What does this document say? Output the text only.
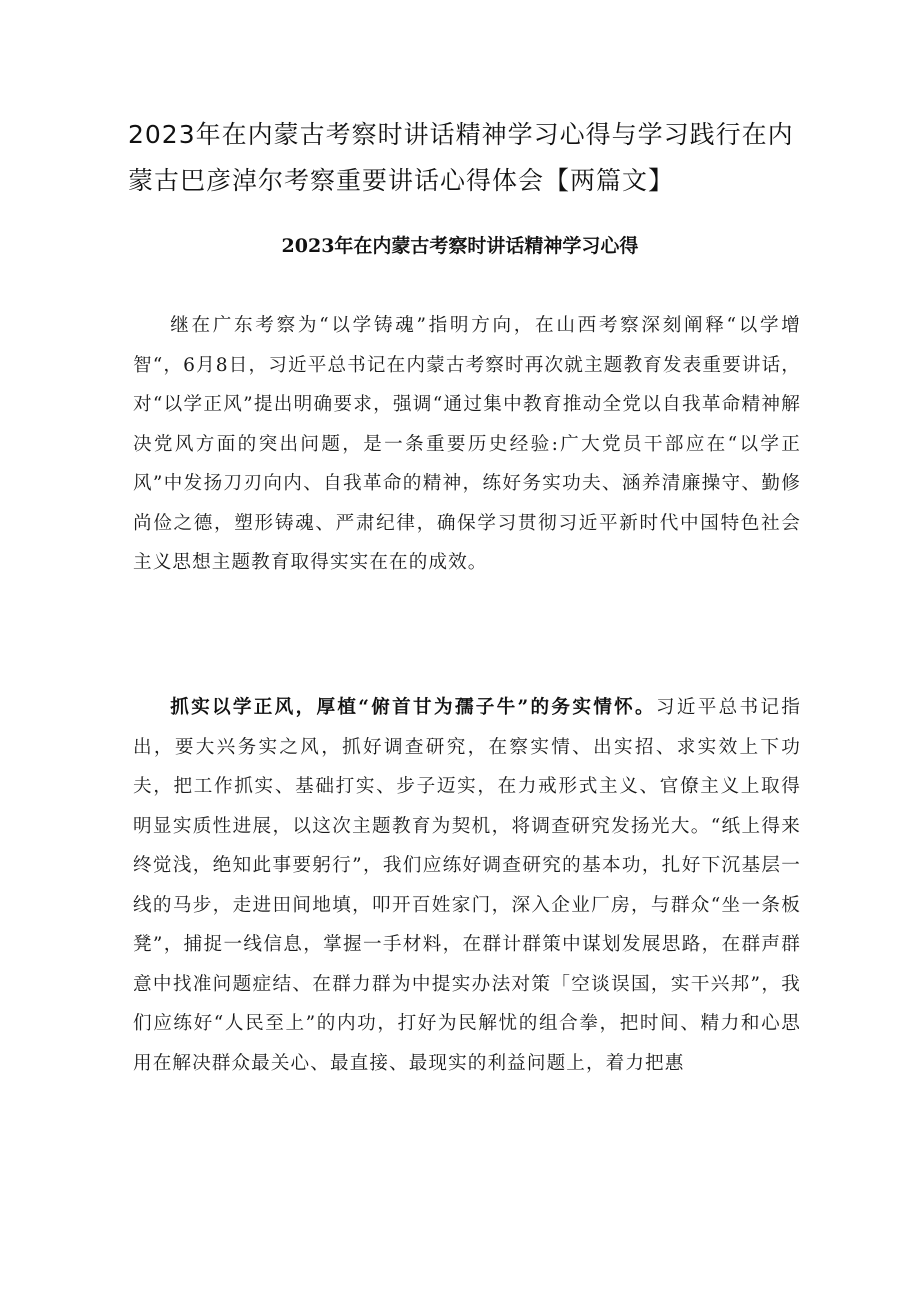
2023年在内蒙古考察时讲话精神学习心得与学习践行在内蒙古巴彦淖尔考察重要讲话心得体会【两篇文】
2023年在内蒙古考察时讲话精神学习心得

继在广东考察为“以学铸魂”指明方向，在山西考察深刻阐释“以学增智“，6月8日，习近平总书记在内蒙古考察时再次就主题教育发表重要讲话，对“以学正风”提出明确要求，强调“通过集中教育推动全党以自我革命精神解决党风方面的突出问题，是一条重要历史经验:广大党员干部应在“以学正风”中发扬刀刃向内、自我革命的精神，练好务实功夫、涵养清廉操守、勤修尚俭之德，塑形铸魂、严肃纪律，确保学习贯彻习近平新时代中国特色社会主义思想主题教育取得实实在在的成效。

抓实以学正风，厚植“俯首甘为孺子牛”的务实情怀。习近平总书记指出，要大兴务实之风，抓好调查研究，在察实情、出实招、求实效上下功夫，把工作抓实、基础打实、步子迈实，在力戒形式主义、官僚主义上取得明显实质性进展，以这次主题教育为契机，将调查研究发扬光大。“纸上得来终觉浅，绝知此事要躬行”，我们应练好调查研究的基本功，扎好下沉基层一线的马步，走进田间地填，叩开百姓家门，深入企业厂房，与群众“坐一条板凳”，捕捉一线信息，掌握一手材料，在群计群策中谋划发展思路，在群声群意中找准问题症结、在群力群为中提实办法对策「空谈误国，实干兴邦”，我们应练好“人民至上”的内功，打好为民解忧的组合拳，把时间、精力和心思用在解决群众最关心、最直接、最现实的利益问题上，着力把惠
